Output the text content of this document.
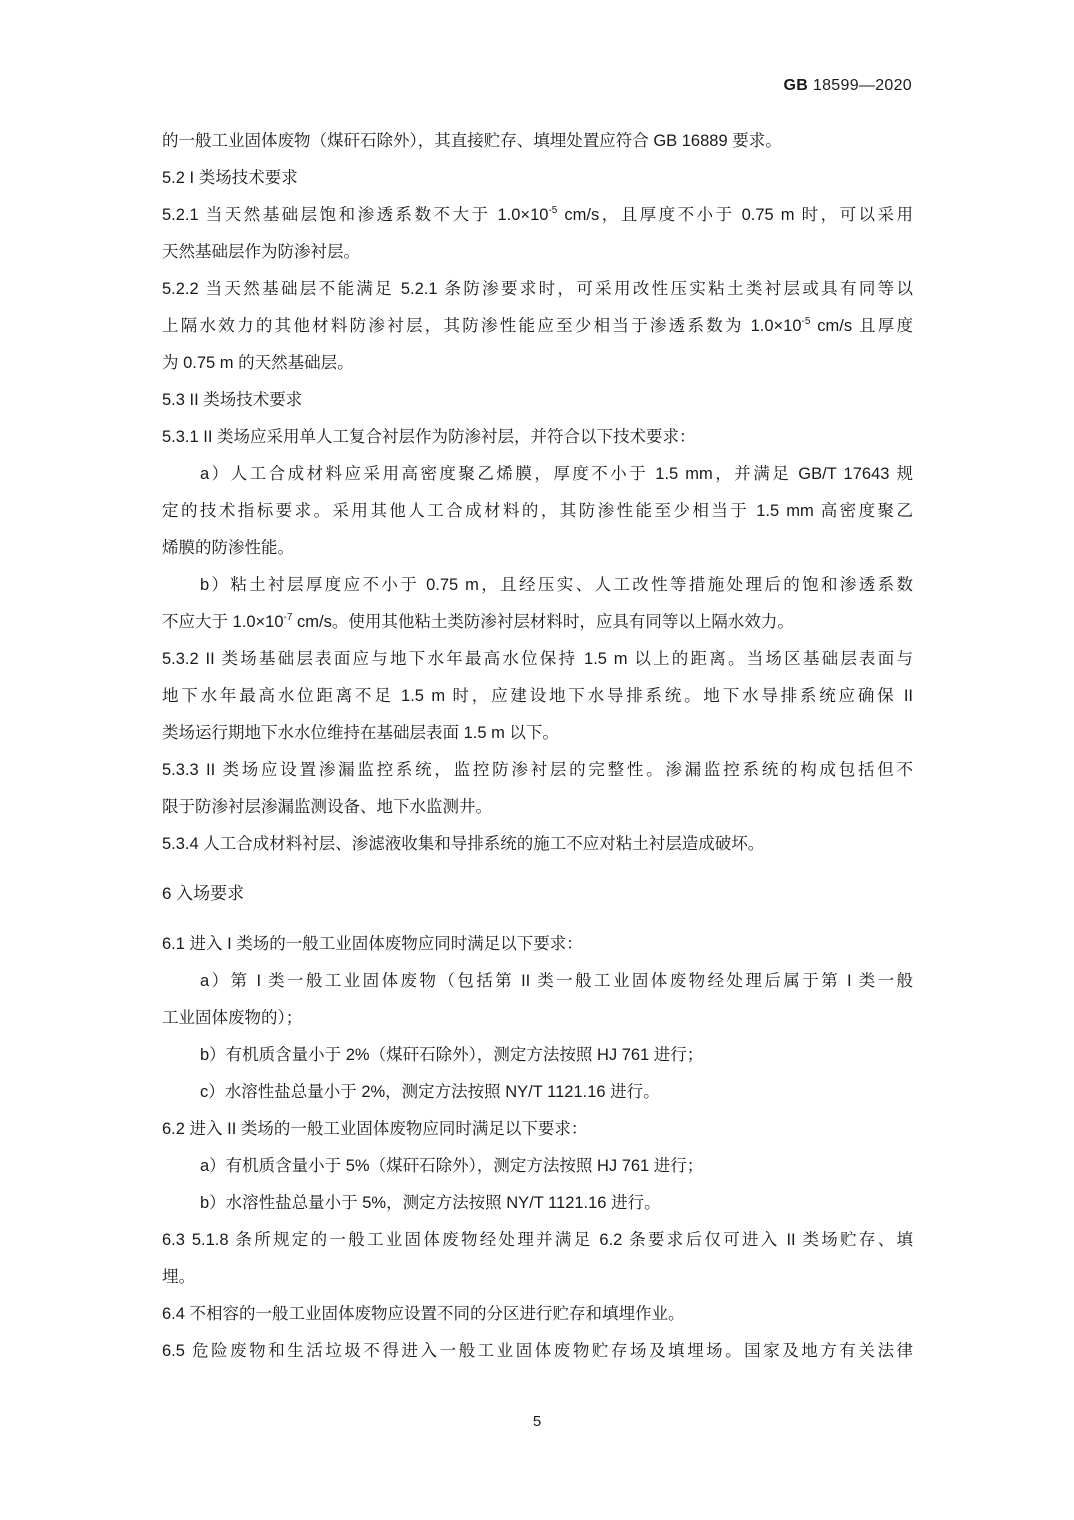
GB 18599—2020
的一般工业固体废物（煤矸石除外），其直接贮存、填埋处置应符合 GB 16889 要求。
5.2 I 类场技术要求
5.2.1 当天然基础层饱和渗透系数不大于 $1.0\times 10^{-5}$ cm/s，且厚度不小于 0.75 m 时，可以采用
天然基础层作为防渗衬层。
5.2.2 当天然基础层不能满足 5.2.1 条防渗要求时，可采用改性压实粘土类衬层或具有同等以
上隔水效力的其他材料防渗衬层，其防渗性能应至少相当于渗透系数为 $1.0\times 10^{-5}$ cm/s 且厚度
为 0.75 m 的天然基础层。
5.3 II 类场技术要求
5.3.1 II 类场应采用单人工复合衬层作为防渗衬层，并符合以下技术要求：
a）人工合成材料应采用高密度聚乙烯膜，厚度不小于 1.5 mm，并满足 GB/T 17643 规
定的技术指标要求。采用其他人工合成材料的，其防渗性能至少相当于 1.5 mm 高密度聚乙
烯膜的防渗性能。
b）粘土衬层厚度应不小于 0.75 m，且经压实、人工改性等措施处理后的饱和渗透系数
不应大于 $1.0\times 10^{-7}$ cm/s。使用其他粘土类防渗衬层材料时，应具有同等以上隔水效力。
5.3.2 II 类场基础层表面应与地下水年最高水位保持 1.5 m 以上的距离。当场区基础层表面与
地下水年最高水位距离不足 1.5 m 时，应建设地下水导排系统。地下水导排系统应确保 II
类场运行期地下水水位维持在基础层表面 1.5 m 以下。
5.3.3 II 类场应设置渗漏监控系统，监控防渗衬层的完整性。渗漏监控系统的构成包括但不
限于防渗衬层渗漏监测设备、地下水监测井。
5.3.4 人工合成材料衬层、渗滤液收集和导排系统的施工不应对粘土衬层造成破坏。
6 入场要求
6.1 进入 I 类场的一般工业固体废物应同时满足以下要求：
a）第 I 类一般工业固体废物（包括第 II 类一般工业固体废物经处理后属于第 I 类一般
工业固体废物的）；
b）有机质含量小于 2%（煤矸石除外），测定方法按照 HJ 761 进行；
c）水溶性盐总量小于 2%，测定方法按照 NY/T 1121.16 进行。
6.2 进入 II 类场的一般工业固体废物应同时满足以下要求：
a）有机质含量小于 5%（煤矸石除外），测定方法按照 HJ 761 进行；
b）水溶性盐总量小于 5%，测定方法按照 NY/T 1121.16 进行。
6.3 5.1.8 条所规定的一般工业固体废物经处理并满足 6.2 条要求后仅可进入 II 类场贮存、填
埋。
6.4 不相容的一般工业固体废物应设置不同的分区进行贮存和填埋作业。
6.5 危险废物和生活垃圾不得进入一般工业固体废物贮存场及填埋场。国家及地方有关法律
5
